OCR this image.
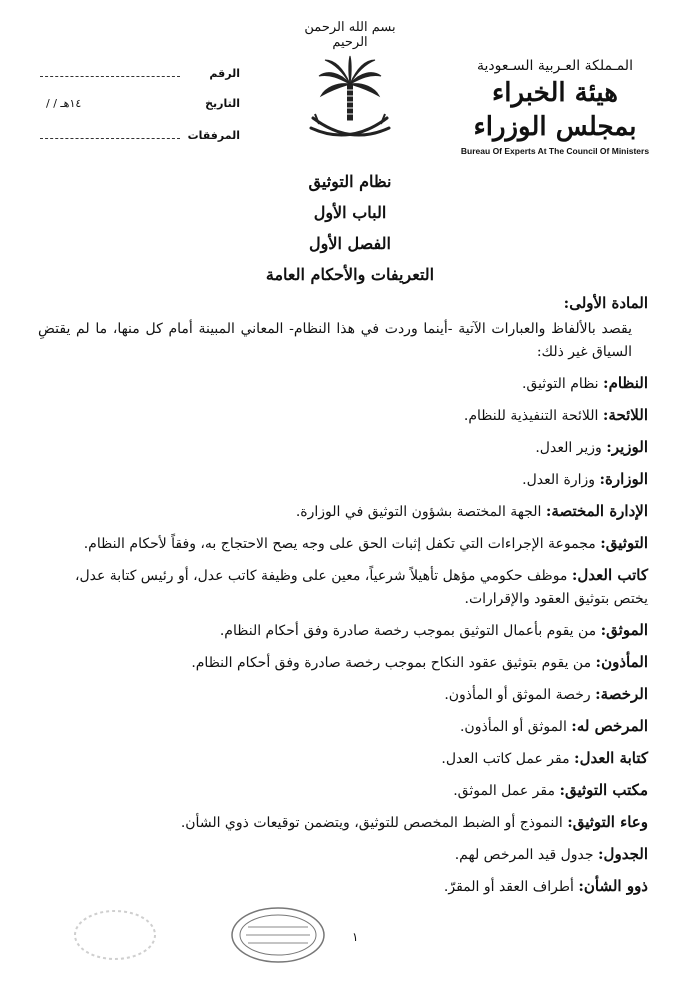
المـملكة العـربية السـعودية
هيئة الخبراء بمجلس الوزراء
Bureau Of Experts At The Council Of Ministers
بسم الله الرحمن الرحيم
الرقم
التاريخ
/ / ١٤هـ
المرفقات
نظام التوثيق
الباب الأول
الفصل الأول
التعريفات والأحكام العامة
المادة الأولى:

يقصد بالألفاظ والعبارات الآتية -أينما وردت في هذا النظام- المعاني المبينة أمام كل منها، ما لم يقتضِ السياق غير ذلك:

النظام: نظام التوثيق.
اللائحة: اللائحة التنفيذية للنظام.
الوزير: وزير العدل.
الوزارة: وزارة العدل.
الإدارة المختصة: الجهة المختصة بشؤون التوثيق في الوزارة.
التوثيق: مجموعة الإجراءات التي تكفل إثبات الحق على وجه يصح الاحتجاج به، وفقاً لأحكام النظام.
كاتب العدل: موظف حكومي مؤهل تأهيلاً شرعياً، معين على وظيفة كاتب عدل، أو رئيس كتابة عدل، يختص بتوثيق العقود والإقرارات.
الموثق: من يقوم بأعمال التوثيق بموجب رخصة صادرة وفق أحكام النظام.
المأذون: من يقوم بتوثيق عقود النكاح بموجب رخصة صادرة وفق أحكام النظام.
الرخصة: رخصة الموثق أو المأذون.
المرخص له: الموثق أو المأذون.
كتابة العدل: مقر عمل كاتب العدل.
مكتب التوثيق: مقر عمل الموثق.
وعاء التوثيق: النموذج أو الضبط المخصص للتوثيق، ويتضمن توقيعات ذوي الشأن.
الجدول: جدول قيد المرخص لهم.
ذوو الشأن: أطراف العقد أو المقرّ.
١
